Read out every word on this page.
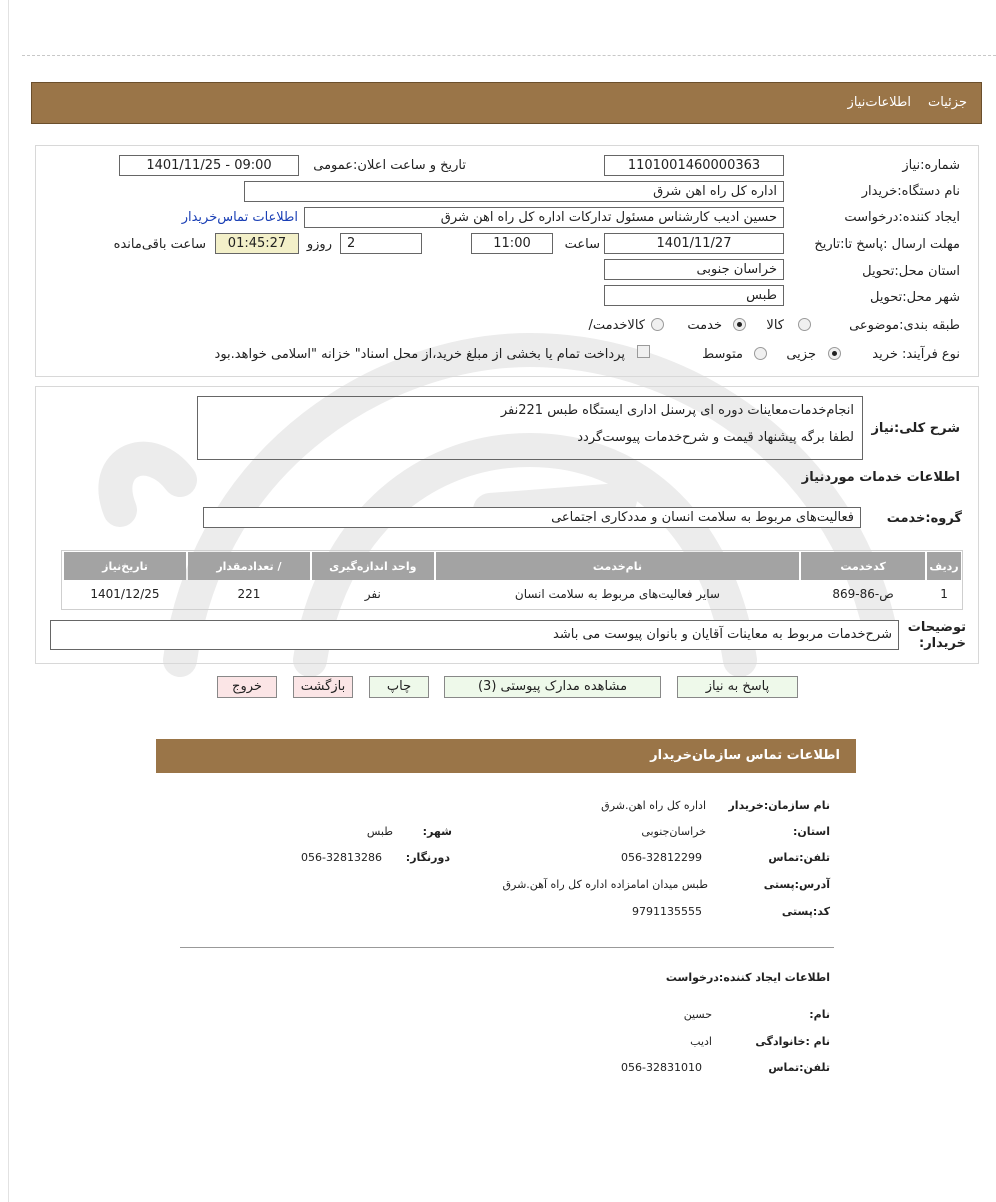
جزئیات
اطلاعات‌نیاز
شماره:نیاز
1101001460000363
تاریخ و ساعت اعلان:عمومی
1401/11/25 - 09:00
نام دستگاه:خریدار
اداره کل راه اهن شرق
ایجاد کننده:درخواست
حسین ادیب کارشناس مسئول تدارکات اداره کل راه اهن شرق
اطلاعات تماس‌خریدار
مهلت ارسال :پاسخ تا:تاریخ
1401/11/27
ساعت
11:00
2
روزو
01:45:27
ساعت باقی‌مانده
استان محل:تحویل
خراسان جنوبی
شهر محل:تحویل
طبس
طبقه بندی:موضوعی
کالا
خدمت
/کالاخدمت
نوع فرآیند: خرید
جزیی
متوسط
پرداخت تمام یا بخشی از مبلغ خرید،از محل اسناد" خزانه "اسلامی خواهد.بود
شرح کلی:نیاز
انجام‌خدمات‌معاینات دوره ای پرسنل اداری ایستگاه طبس 221نفر
لطفا برگه پیشنهاد قیمت و شرح‌خدمات پیوست‌گردد
اطلاعات خدمات موردنیاز
گروه:خدمت
فعالیت‌های مربوط به سلامت انسان و مددکاری اجتماعی
ردیف	کدخدمت	نام‌خدمت	واحد اندازه‌گیری	/ تعدادمقدار	تاریخ‌نیاز
1	ص-86-869	سایر فعالیت‌های مربوط به سلامت انسان	نفر	221	1401/12/25
توضیحات
:خریدار
شرح‌خدمات مربوط به معاینات آقایان و بانوان پیوست می باشد
پاسخ به نیاز
مشاهده مدارک پیوستی (3)
چاپ
بازگشت
خروج
اطلاعات تماس سازمان‌خریدار
نام سازمان:خریدار
اداره کل راه اهن.شرق
:استان
خراسان‌جنوبی
:شهر
طبس
تلفن:تماس
056-32812299
:دورنگار
056-32813286
آدرس:پستی
طبس میدان امامزاده اداره کل راه آهن.شرق
کد:پستی
9791135555
اطلاعات ایجاد کننده:درخواست
:نام
حسین
نام :خانوادگی
ادیب
تلفن:تماس
056-32831010
